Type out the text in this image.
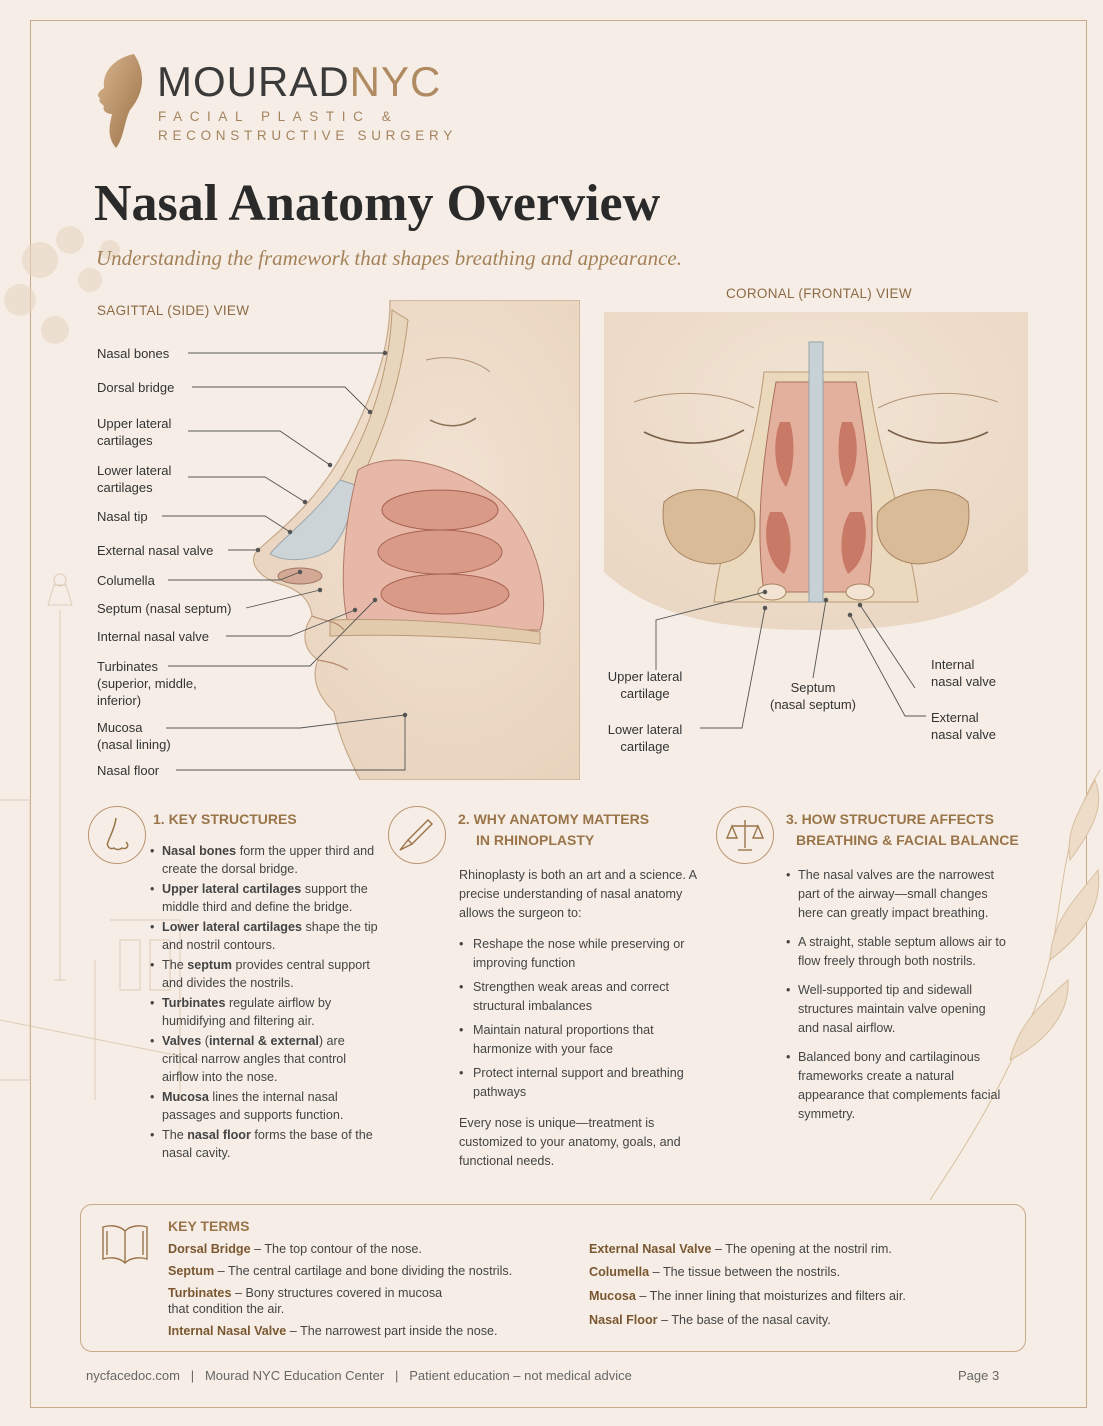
MOURADNYC
FACIAL PLASTIC &
RECONSTRUCTIVE SURGERY
Nasal Anatomy Overview
Understanding the framework that shapes breathing and appearance.
SAGITTAL (SIDE) VIEW
Nasal bones
Dorsal bridge
Upper lateral
cartilages
Lower lateral
cartilages
Nasal tip
External nasal valve
Columella
Septum (nasal septum)
Internal nasal valve
Turbinates
(superior, middle,
inferior)
Mucosa
(nasal lining)
Nasal floor
CORONAL (FRONTAL) VIEW
Upper lateral
cartilage
Lower lateral
cartilage
Septum
(nasal septum)
Internal
nasal valve
External
nasal valve
1. KEY STRUCTURES
• Nasal bones form the upper third and create the dorsal bridge.
• Upper lateral cartilages support the middle third and define the bridge.
• Lower lateral cartilages shape the tip and nostril contours.
• The septum provides central support and divides the nostrils.
• Turbinates regulate airflow by humidifying and filtering air.
• Valves (internal & external) are critical narrow angles that control airflow into the nose.
• Mucosa lines the internal nasal passages and supports function.
• The nasal floor forms the base of the nasal cavity.
2. WHY ANATOMY MATTERS
IN RHINOPLASTY
Rhinoplasty is both an art and a science. A precise understanding of nasal anatomy allows the surgeon to:
• Reshape the nose while preserving or improving function
• Strengthen weak areas and correct structural imbalances
• Maintain natural proportions that harmonize with your face
• Protect internal support and breathing pathways
Every nose is unique—treatment is customized to your anatomy, goals, and functional needs.
3. HOW STRUCTURE AFFECTS
BREATHING & FACIAL BALANCE
• The nasal valves are the narrowest part of the airway—small changes here can greatly impact breathing.
• A straight, stable septum allows air to flow freely through both nostrils.
• Well-supported tip and sidewall structures maintain valve opening and nasal airflow.
• Balanced bony and cartilaginous frameworks create a natural appearance that complements facial symmetry.
KEY TERMS
Dorsal Bridge – The top contour of the nose.
Septum – The central cartilage and bone dividing the nostrils.
Turbinates – Bony structures covered in mucosa
that condition the air.
Internal Nasal Valve – The narrowest part inside the nose.
External Nasal Valve – The opening at the nostril rim.
Columella – The tissue between the nostrils.
Mucosa – The inner lining that moisturizes and filters air.
Nasal Floor – The base of the nasal cavity.
nycfacedoc.com   |   Mourad NYC Education Center   |   Patient education – not medical advice	Page 3
